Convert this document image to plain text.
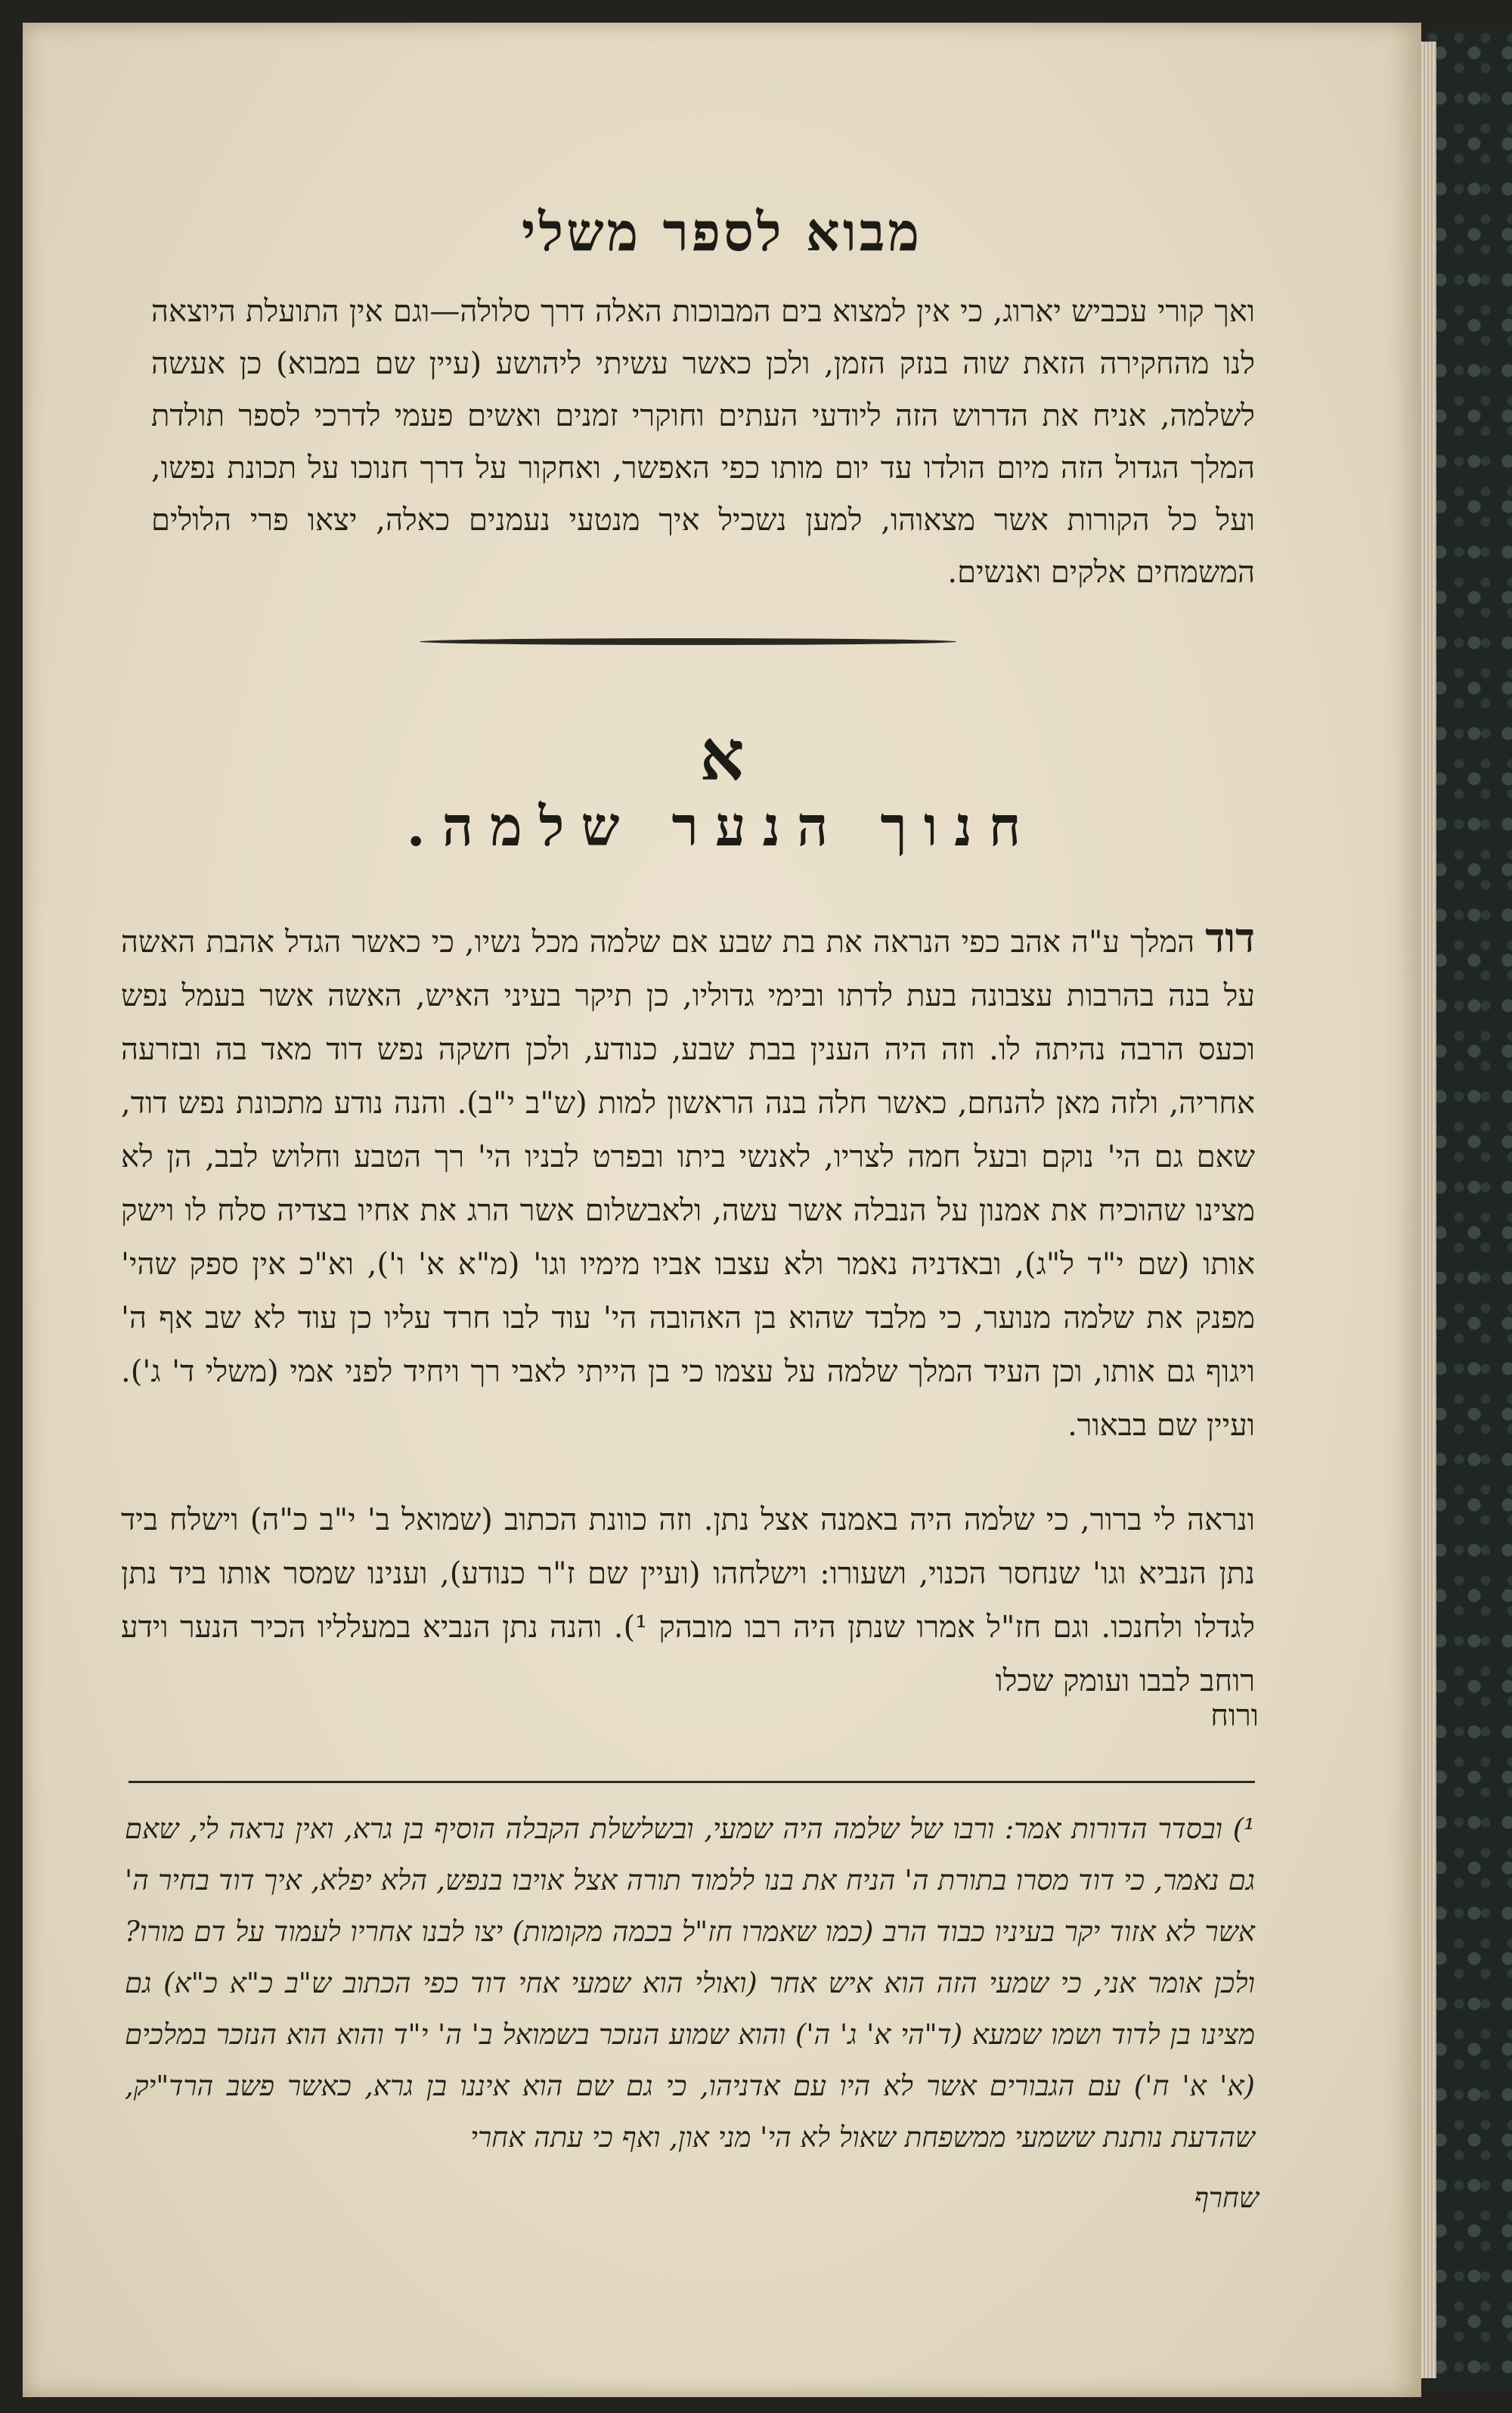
מבוא לספר משלי
ואך קורי עכביש יארוג, כי אין למצוא בים המבוכות האלה דרך סלולה—וגם אין התועלת היוצאה לנו מהחקירה הזאת שוה בנזק הזמן, ולכן כאשר עשיתי ליהושע (עיין שם במבוא) כן אעשה לשלמה, אניח את הדרוש הזה ליודעי העתים וחוקרי זמנים ואשים פעמי לדרכי לספר תולדת המלך הגדול הזה מיום הולדו עד יום מותו כפי האפשר, ואחקור על דרך חנוכו על תכונת נפשו, ועל כל הקורות אשר מצאוהו, למען נשכיל איך מנטעי נעמנים כאלה, יצאו פרי הלולים המשמחים אלקים ואנשים.
א
חנוך הנער שלמה.
דוד המלך ע"ה אהב כפי הנראה את בת שבע אם שלמה מכל נשיו, כי כאשר הגדל אהבת האשה על בנה בהרבות עצבונה בעת לדתו ובימי גדוליו, כן תיקר בעיני האיש, האשה אשר בעמל נפש וכעס הרבה נהיתה לו. וזה היה הענין בבת שבע, כנודע, ולכן חשקה נפש דוד מאד בה ובזרעה אחריה, ולזה מאן להנחם, כאשר חלה בנה הראשון למות (ש"ב י"ב). והנה נודע מתכונת נפש דוד, שאם גם הי' נוקם ובעל חמה לצריו, לאנשי ביתו ובפרט לבניו הי' רך הטבע וחלוש לבב, הן לא מצינו שהוכיח את אמנון על הנבלה אשר עשה, ולאבשלום אשר הרג את אחיו בצדיה סלח לו וישק אותו (שם י"ד ל"ג), ובאדניה נאמר ולא עצבו אביו מימיו וגו' (מ"א א' ו'), וא"כ אין ספק שהי' מפנק את שלמה מנוער, כי מלבד שהוא בן האהובה הי' עוד לבו חרד עליו כן עוד לא שב אף ה' ויגוף גם אותו, וכן העיד המלך שלמה על עצמו כי בן הייתי לאבי רך ויחיד לפני אמי (משלי ד' ג'). ועיין שם בבאור.
ונראה לי ברור, כי שלמה היה באמנה אצל נתן. וזה כוונת הכתוב (שמואל ב' י"ב כ"ה) וישלח ביד נתן הנביא וגו' שנחסר הכנוי, ושעורו: וישלחהו (ועיין שם ז"ר כנודע), וענינו שמסר אותו ביד נתן לגדלו ולחנכו. וגם חז"ל אמרו שנתן היה רבו מובהק ¹). והנה נתן הנביא במעלליו הכיר הנער וידע רוחב לבבו ועומק שכלו
ורוח
¹) ובסדר הדורות אמר: ורבו של שלמה היה שמעי, ובשלשלת הקבלה הוסיף בן גרא, ואין נראה לי, שאם גם נאמר, כי דוד מסרו בתורת ה' הניח את בנו ללמוד תורה אצל אויבו בנפש, הלא יפלא, איך דוד בחיר ה' אשר לא אזוד יקר בעיניו כבוד הרב (כמו שאמרו חז"ל בכמה מקומות) יצו לבנו אחריו לעמוד על דם מורו? ולכן אומר אני, כי שמעי הזה הוא איש אחר (ואולי הוא שמעי אחי דוד כפי הכתוב ש"ב כ"א כ"א) גם מצינו בן לדוד ושמו שמעא (ד"הי א' ג' ה') והוא שמוע הנזכר בשמואל ב' ה' י"ד והוא הוא הנזכר במלכים (א' א' ח') עם הגבורים אשר לא היו עם אדניהו, כי גם שם הוא איננו בן גרא, כאשר פשב הרד"יק, שהדעת נותנת ששמעי ממשפחת שאול לא הי' מני און, ואף כי עתה אחרי
שחרף
